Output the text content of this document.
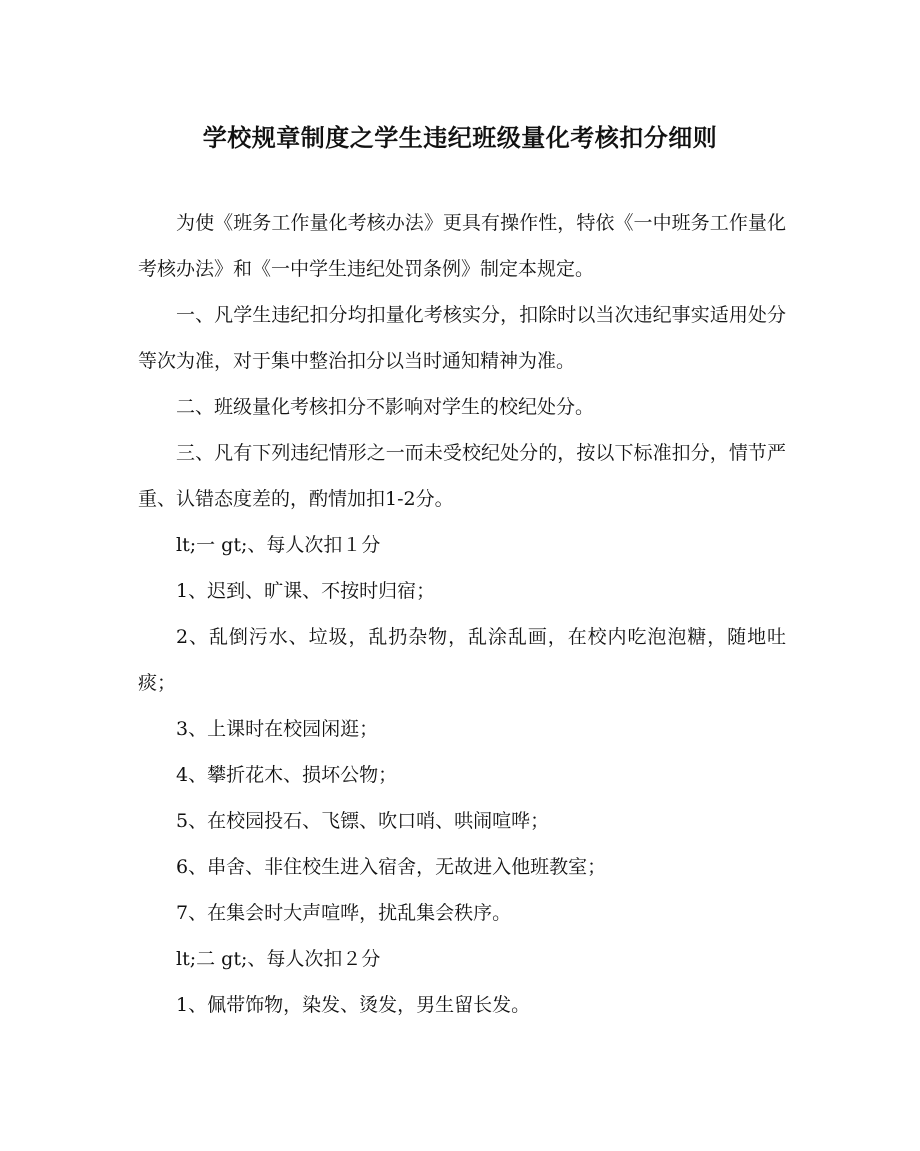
学校规章制度之学生违纪班级量化考核扣分细则

为使《班务工作量化考核办法》更具有操作性，特依《一中班务工作量化考核办法》和《一中学生违纪处罚条例》制定本规定。

一、凡学生违纪扣分均扣量化考核实分，扣除时以当次违纪事实适用处分等次为准，对于集中整治扣分以当时通知精神为准。

二、班级量化考核扣分不影响对学生的校纪处分。

三、凡有下列违纪情形之一而未受校纪处分的，按以下标准扣分，情节严重、认错态度差的，酌情加扣1-2分。

lt;一 gt;、每人次扣１分

1、迟到、旷课、不按时归宿；

2、乱倒污水、垃圾，乱扔杂物，乱涂乱画，在校内吃泡泡糖，随地吐痰；

3、上课时在校园闲逛；

4、攀折花木、损坏公物；

5、在校园投石、飞镖、吹口哨、哄闹喧哗；

6、串舍、非住校生进入宿舍，无故进入他班教室；

7、在集会时大声喧哗，扰乱集会秩序。

lt;二 gt;、每人次扣２分

1、佩带饰物，染发、烫发，男生留长发。
